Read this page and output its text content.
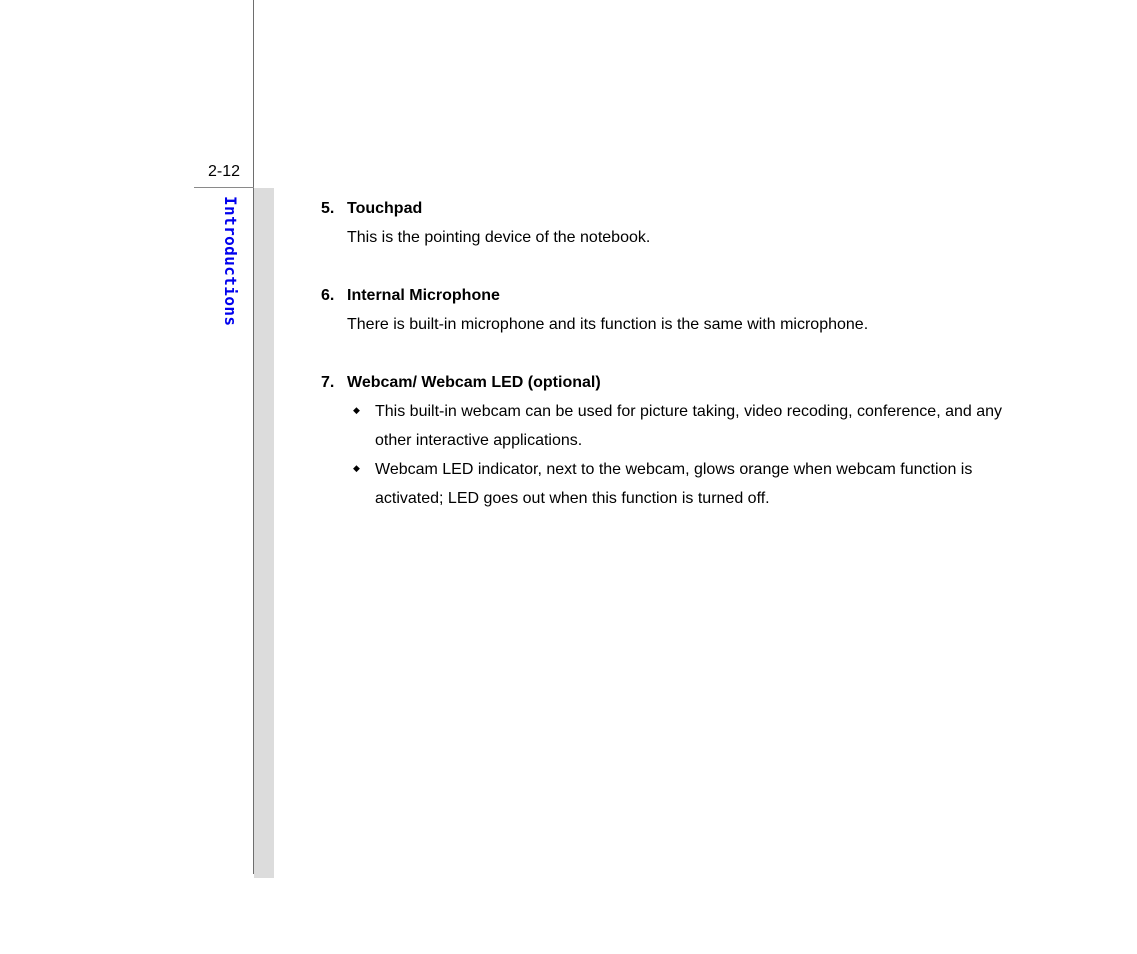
2-12
Introductions	5. Touchpad
This is the pointing device of the notebook.
6. Internal Microphone
There is built-in microphone and its function is the same with microphone.
7. Webcam/ Webcam LED (optional)
◆ This built-in webcam can be used for picture taking, video recoding, conference, and any other interactive applications.
◆ Webcam LED indicator, next to the webcam, glows orange when webcam function is activated; LED goes out when this function is turned off.
